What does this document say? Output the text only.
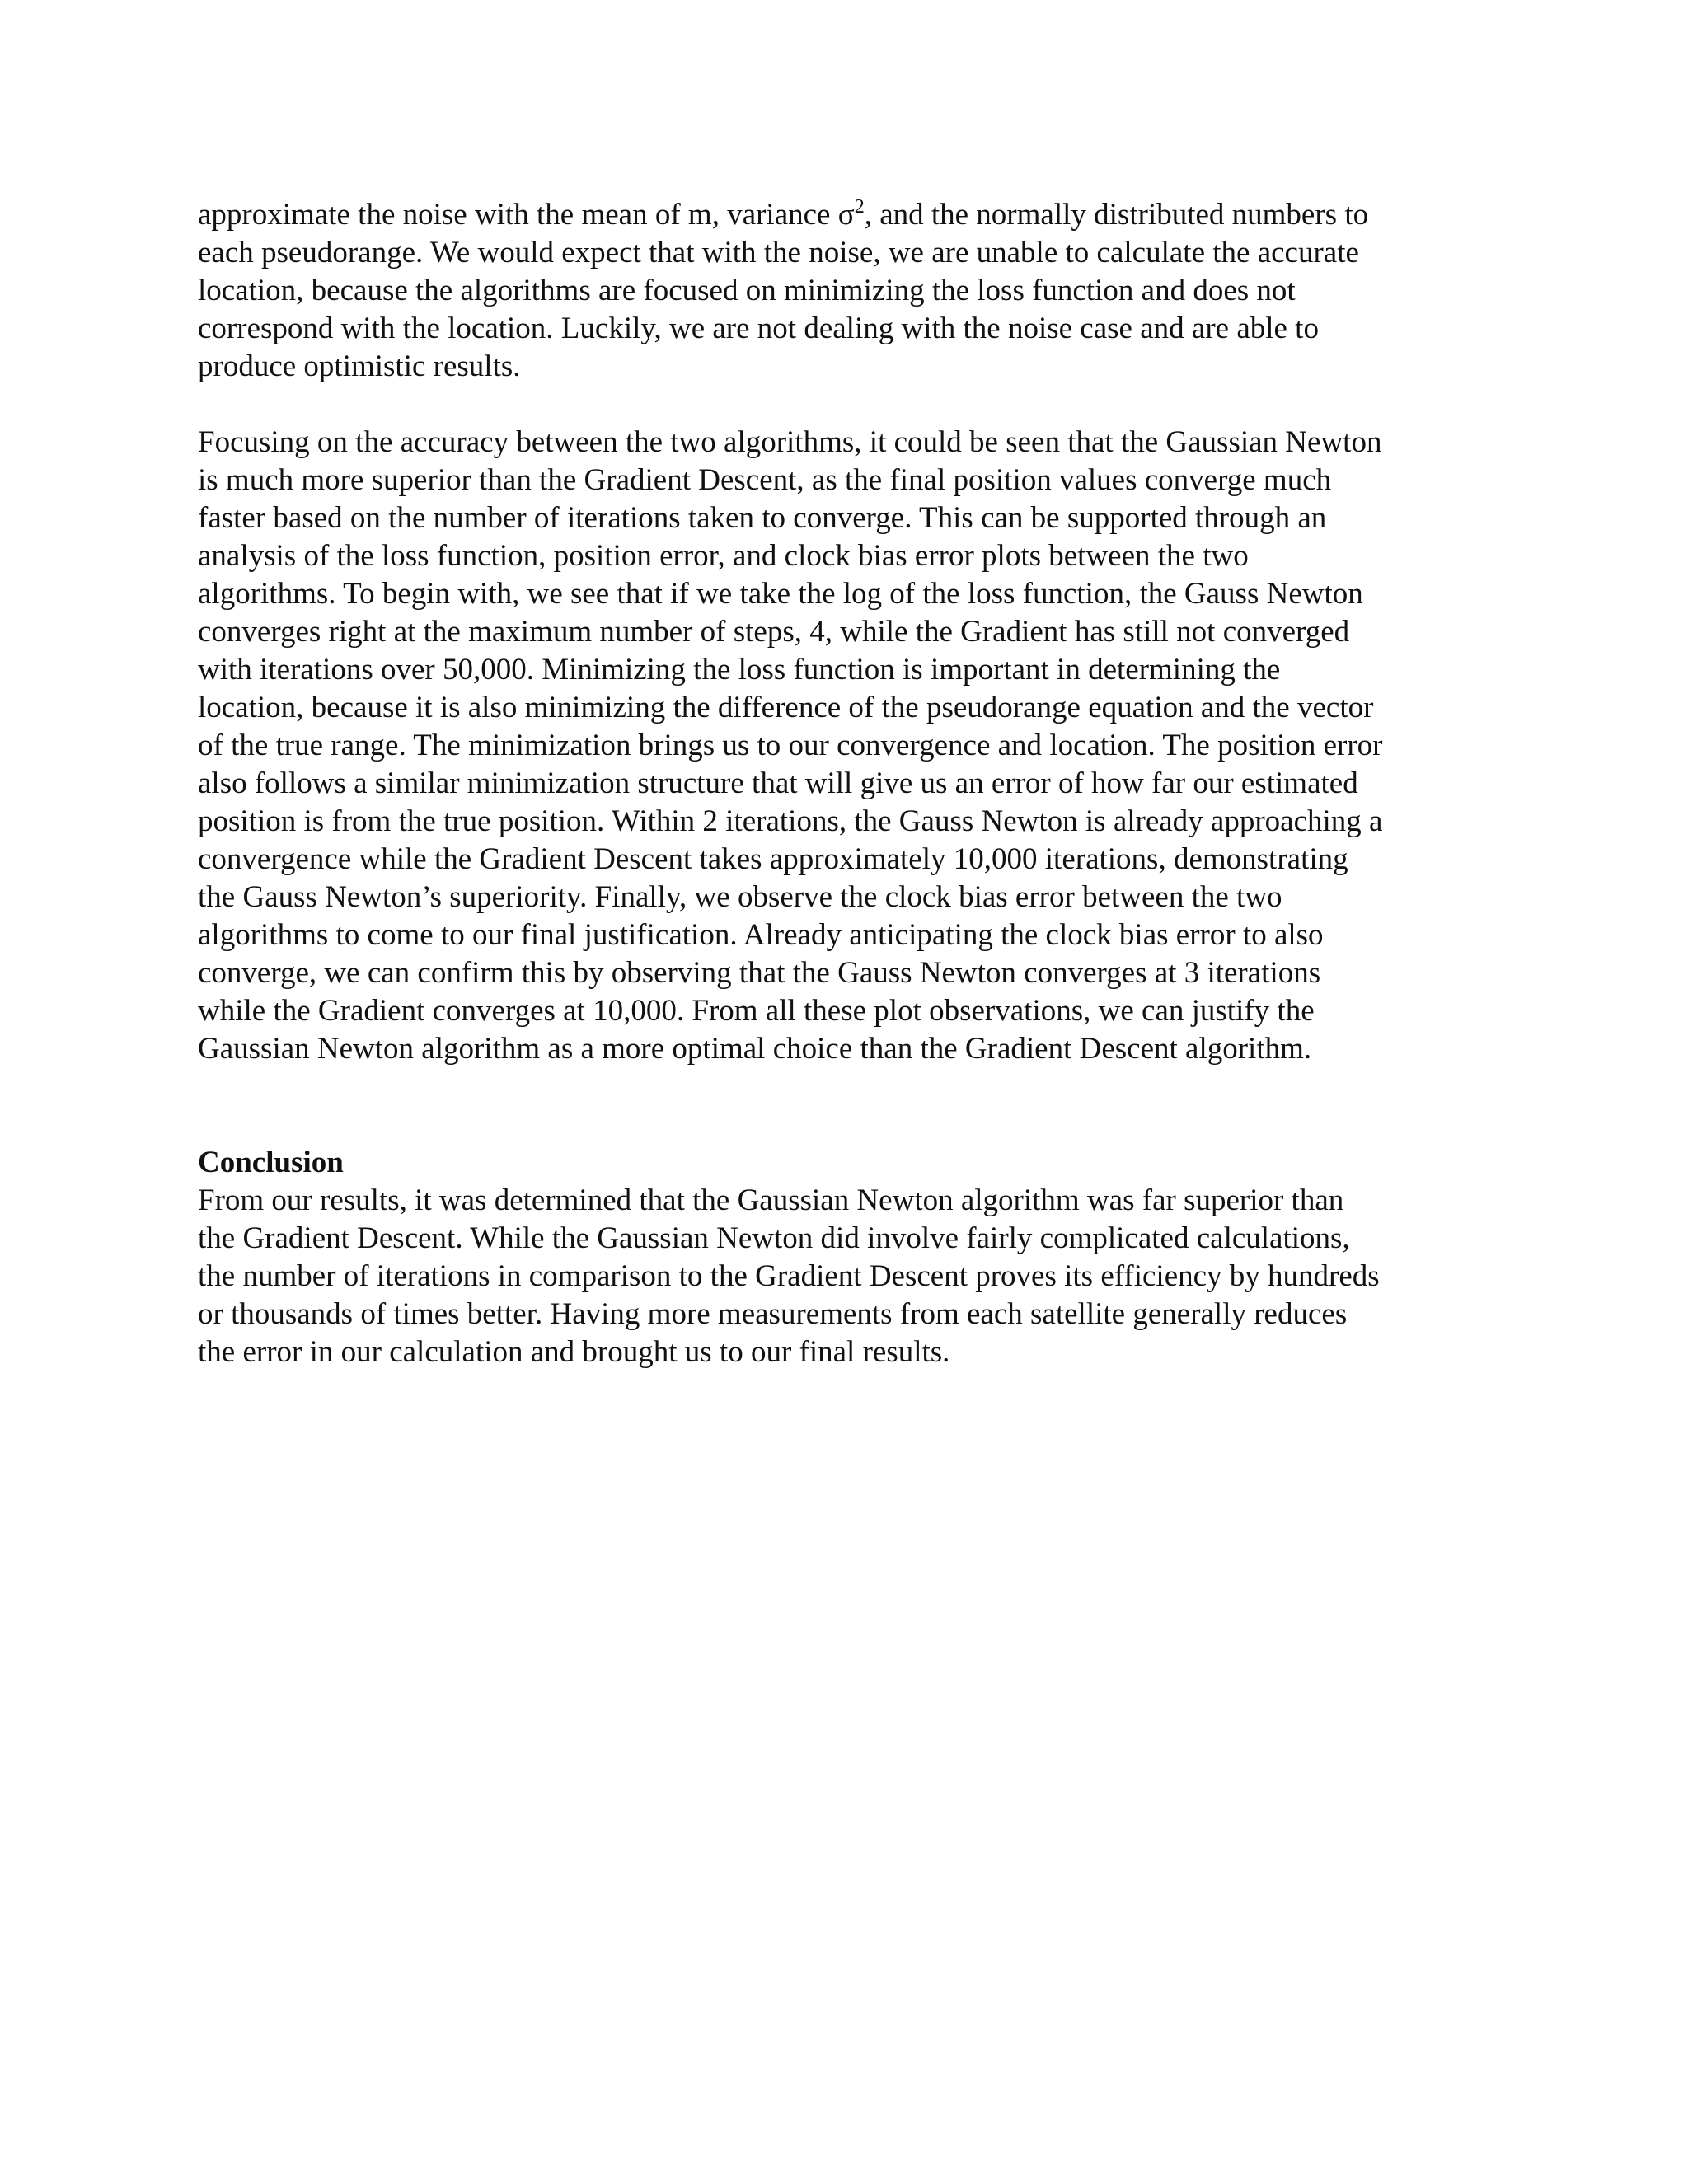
approximate the noise with the mean of m, variance $\sigma^2$, and the normally distributed numbers to
each pseudorange. We would expect that with the noise, we are unable to calculate the accurate
location, because the algorithms are focused on minimizing the loss function and does not
correspond with the location. Luckily, we are not dealing with the noise case and are able to
produce optimistic results.

Focusing on the accuracy between the two algorithms, it could be seen that the Gaussian Newton
is much more superior than the Gradient Descent, as the final position values converge much
faster based on the number of iterations taken to converge. This can be supported through an
analysis of the loss function, position error, and clock bias error plots between the two
algorithms. To begin with, we see that if we take the log of the loss function, the Gauss Newton
converges right at the maximum number of steps, 4, while the Gradient has still not converged
with iterations over 50,000. Minimizing the loss function is important in determining the
location, because it is also minimizing the difference of the pseudorange equation and the vector
of the true range. The minimization brings us to our convergence and location. The position error
also follows a similar minimization structure that will give us an error of how far our estimated
position is from the true position. Within 2 iterations, the Gauss Newton is already approaching a
convergence while the Gradient Descent takes approximately 10,000 iterations, demonstrating
the Gauss Newton’s superiority. Finally, we observe the clock bias error between the two
algorithms to come to our final justification. Already anticipating the clock bias error to also
converge, we can confirm this by observing that the Gauss Newton converges at 3 iterations
while the Gradient converges at 10,000. From all these plot observations, we can justify the
Gaussian Newton algorithm as a more optimal choice than the Gradient Descent algorithm.

Conclusion

From our results, it was determined that the Gaussian Newton algorithm was far superior than
the Gradient Descent. While the Gaussian Newton did involve fairly complicated calculations,
the number of iterations in comparison to the Gradient Descent proves its efficiency by hundreds
or thousands of times better. Having more measurements from each satellite generally reduces
the error in our calculation and brought us to our final results.
